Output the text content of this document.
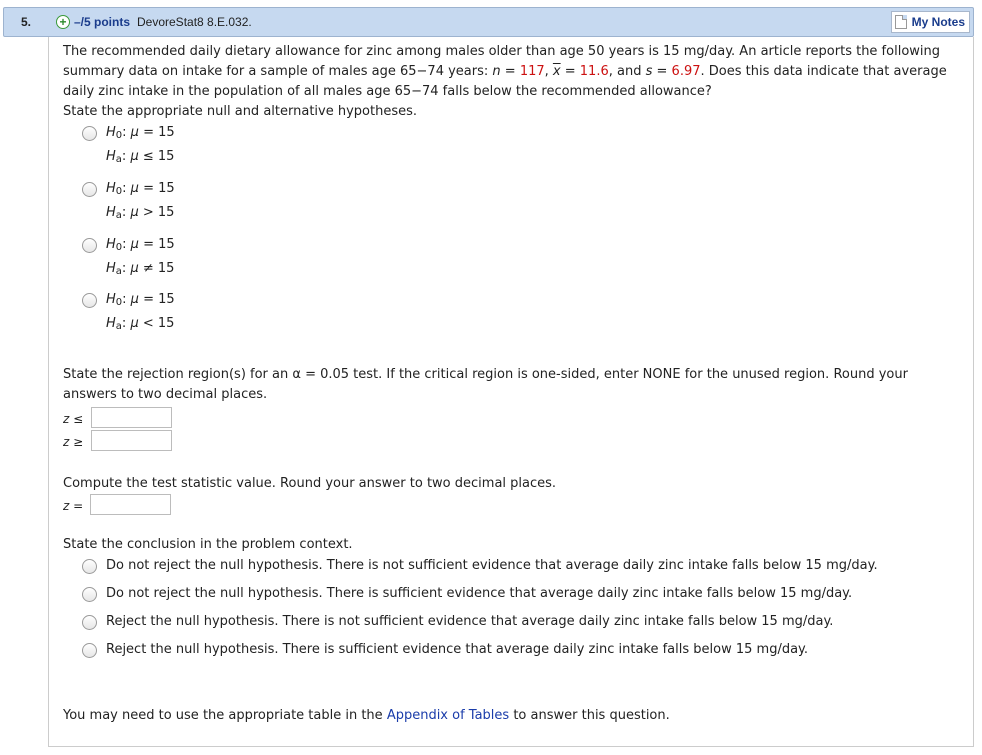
5. + –/5 points DevoreStat8 8.E.032.	My Notes
The recommended daily dietary allowance for zinc among males older than age 50 years is 15 mg/day. An article reports the following
summary data on intake for a sample of males age 65−74 years: n = 117, $\overline{x} = 11.6$, and s = 6.97. Does this data indicate that average
daily zinc intake in the population of all males age 65−74 falls below the recommended allowance?
State the appropriate null and alternative hypotheses.
$H_0$: μ = 15
$H_a$: μ ≤ 15
$H_0$: μ = 15
$H_a$: μ > 15
$H_0$: μ = 15
$H_a$: μ ≠ 15
$H_0$: μ = 15
$H_a$: μ < 15
State the rejection region(s) for an α = 0.05 test. If the critical region is one-sided, enter NONE for the unused region. Round your
answers to two decimal places.
z ≤
z ≥
Compute the test statistic value. Round your answer to two decimal places.
z =
State the conclusion in the problem context.
Do not reject the null hypothesis. There is not sufficient evidence that average daily zinc intake falls below 15 mg/day.
Do not reject the null hypothesis. There is sufficient evidence that average daily zinc intake falls below 15 mg/day.
Reject the null hypothesis. There is not sufficient evidence that average daily zinc intake falls below 15 mg/day.
Reject the null hypothesis. There is sufficient evidence that average daily zinc intake falls below 15 mg/day.
You may need to use the appropriate table in the Appendix of Tables to answer this question.
